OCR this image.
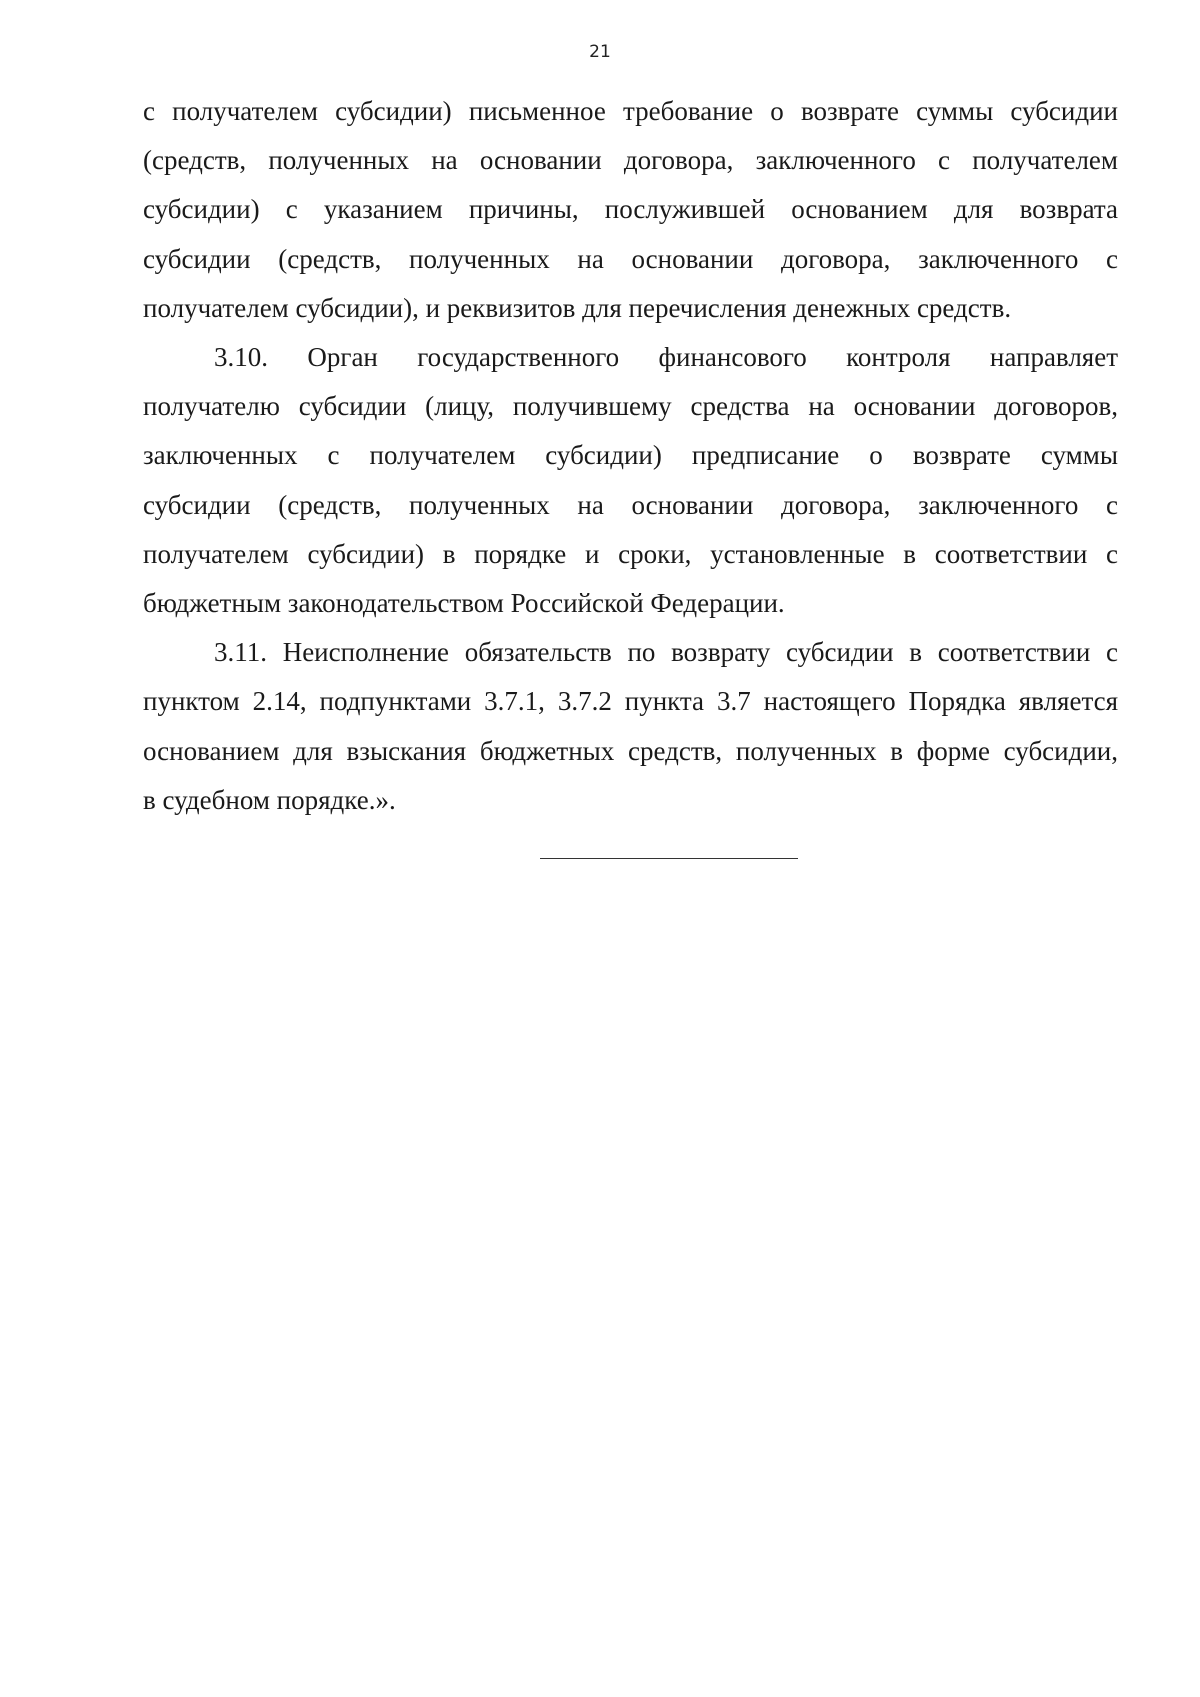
21

с получателем субсидии) письменное требование о возврате суммы субсидии
(средств, полученных на основании договора, заключенного с получателем
субсидии) с указанием причины, послужившей основанием для возврата
субсидии (средств, полученных на основании договора, заключенного с
получателем субсидии), и реквизитов для перечисления денежных средств.

3.10. Орган государственного финансового контроля направляет
получателю субсидии (лицу, получившему средства на основании договоров,
заключенных с получателем субсидии) предписание о возврате суммы
субсидии (средств, полученных на основании договора, заключенного с
получателем субсидии) в порядке и сроки, установленные в соответствии с
бюджетным законодательством Российской Федерации.

3.11. Неисполнение обязательств по возврату субсидии в соответствии с
пунктом 2.14, подпунктами 3.7.1, 3.7.2 пункта 3.7 настоящего Порядка является
основанием для взыскания бюджетных средств, полученных в форме субсидии,
в судебном порядке.».
